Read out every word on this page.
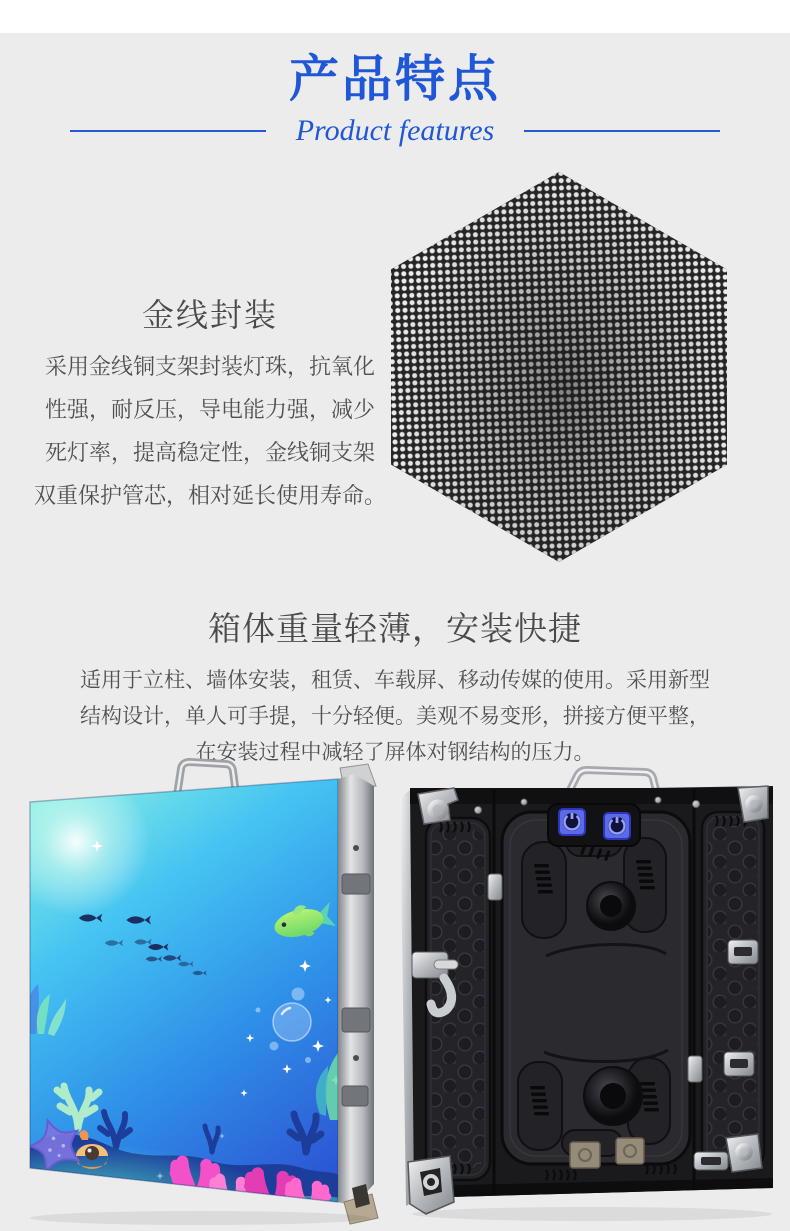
产品特点
Product features
金线封装
采用金线铜支架封装灯珠，抗氧化
性强，耐反压，导电能力强，减少
死灯率，提高稳定性，金线铜支架
双重保护管芯，相对延长使用寿命。
箱体重量轻薄，安装快捷
适用于立柱、墙体安装，租赁、车载屏、移动传媒的使用。采用新型
结构设计，单人可手提，十分轻便。美观不易变形，拼接方便平整，
在安装过程中减轻了屏体对钢结构的压力。
